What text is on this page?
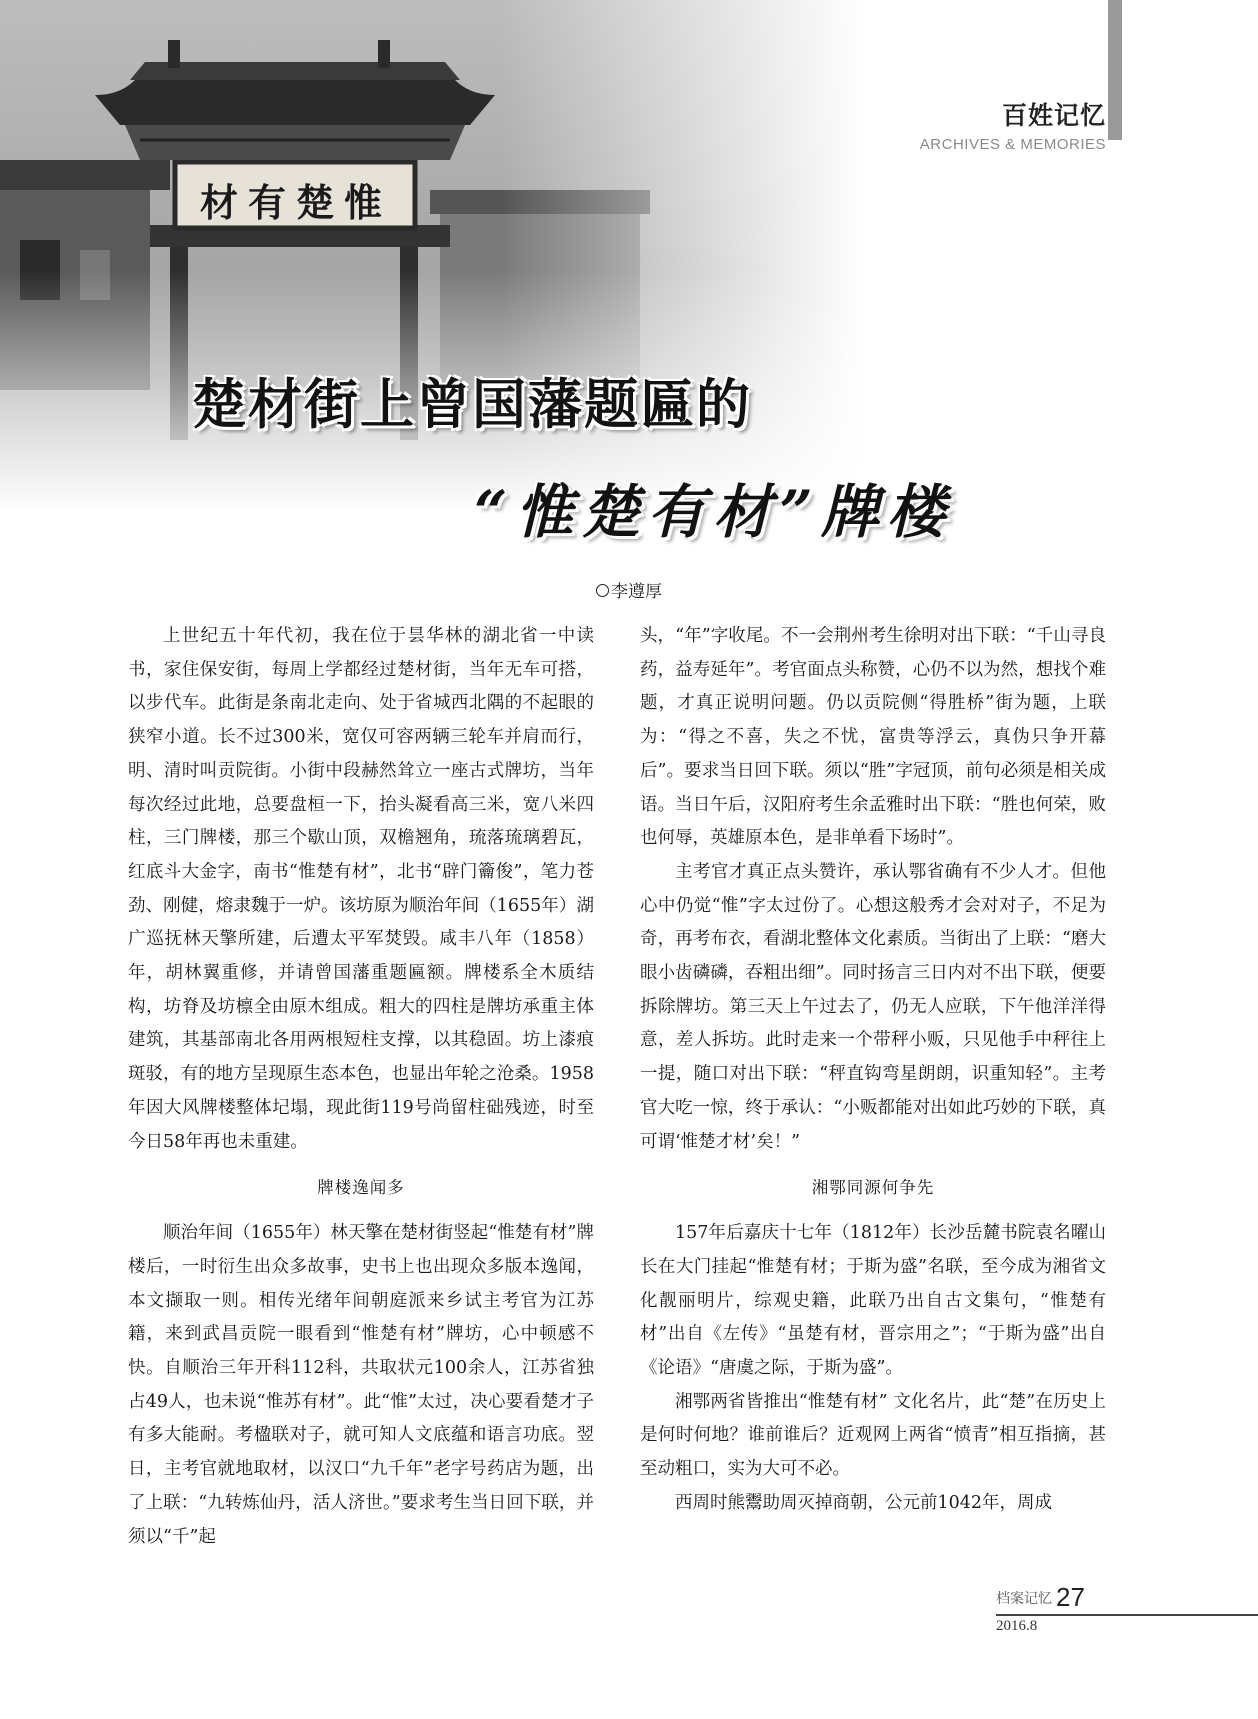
材有楚惟
百姓记忆
ARCHIVES & MEMORIES
楚材街上曾国藩题匾的
“惟楚有材”牌楼
李遵厚

上世纪五十年代初，我在位于昙华林的湖北省一中读书，家住保安街，每周上学都经过楚材街，当年无车可搭，以步代车。此街是条南北走向、处于省城西北隅的不起眼的狭窄小道。长不过300米，宽仅可容两辆三轮车并肩而行，明、清时叫贡院街。小街中段赫然耸立一座古式牌坊，当年每次经过此地，总要盘桓一下，抬头凝看高三米，宽八米四柱，三门牌楼，那三个歇山顶，双檐翘角，琉落琉璃碧瓦，红底斗大金字，南书“惟楚有材”，北书“辟门籥俊”，笔力苍劲、刚健，熔隶魏于一炉。该坊原为顺治年间（1655年）湖广巡抚林天擎所建，后遭太平军焚毁。咸丰八年（1858）年，胡林翼重修，并请曾国藩重题匾额。牌楼系全木质结构，坊脊及坊檩全由原木组成。粗大的四柱是牌坊承重主体建筑，其基部南北各用两根短柱支撑，以其稳固。坊上漆痕斑驳，有的地方呈现原生态本色，也显出年轮之沧桑。1958年因大风牌楼整体圮塌，现此街119号尚留柱础残迹，时至今日58年再也未重建。

牌楼逸闻多

顺治年间（1655年）林天擎在楚材街竖起“惟楚有材”牌楼后，一时衍生出众多故事，史书上也出现众多版本逸闻，本文撷取一则。相传光绪年间朝庭派来乡试主考官为江苏籍，来到武昌贡院一眼看到“惟楚有材”牌坊，心中顿感不快。自顺治三年开科112科，共取状元100余人，江苏省独占49人，也未说“惟苏有材”。此“惟”太过，决心要看楚才子有多大能耐。考楹联对子，就可知人文底蕴和语言功底。翌日，主考官就地取材，以汉口“九千年”老字号药店为题，出了上联：“九转炼仙丹，活人济世。”要求考生当日回下联，并须以“千”起

头，“年”字收尾。不一会荆州考生徐明对出下联：“千山寻良药，益寿延年”。考官面点头称赞，心仍不以为然，想找个难题，才真正说明问题。仍以贡院侧“得胜桥”街为题，上联为：“得之不喜，失之不忧，富贵等浮云，真伪只争开幕后”。要求当日回下联。须以“胜”字冠顶，前句必须是相关成语。当日午后，汉阳府考生余孟雅时出下联：“胜也何荣，败也何辱，英雄原本色，是非单看下场时”。

主考官才真正点头赞许，承认鄂省确有不少人才。但他心中仍觉“惟”字太过份了。心想这般秀才会对对子，不足为奇，再考布衣，看湖北整体文化素质。当街出了上联：“磨大眼小齿磷磷，吞粗出细”。同时扬言三日内对不出下联，便要拆除牌坊。第三天上午过去了，仍无人应联，下午他洋洋得意，差人拆坊。此时走来一个带秤小贩，只见他手中秤往上一提，随口对出下联：“秤直钩弯星朗朗，识重知轻”。主考官大吃一惊，终于承认：“小贩都能对出如此巧妙的下联，真可谓‘惟楚才材’矣！”

湘鄂同源何争先

157年后嘉庆十七年（1812年）长沙岳麓书院袁名曜山长在大门挂起“惟楚有材；于斯为盛”名联，至今成为湘省文化靓丽明片，综观史籍，此联乃出自古文集句，“惟楚有材”出自《左传》“虽楚有材，晋宗用之”；“于斯为盛”出自《论语》“唐虞之际，于斯为盛”。

湘鄂两省皆推出“惟楚有材” 文化名片，此“楚”在历史上是何时何地？谁前谁后？近观网上两省“愤青”相互指摘，甚至动粗口，实为大可不必。

西周时熊鬻助周灭掉商朝，公元前1042年，周成

档案记忆 27
2016.8
